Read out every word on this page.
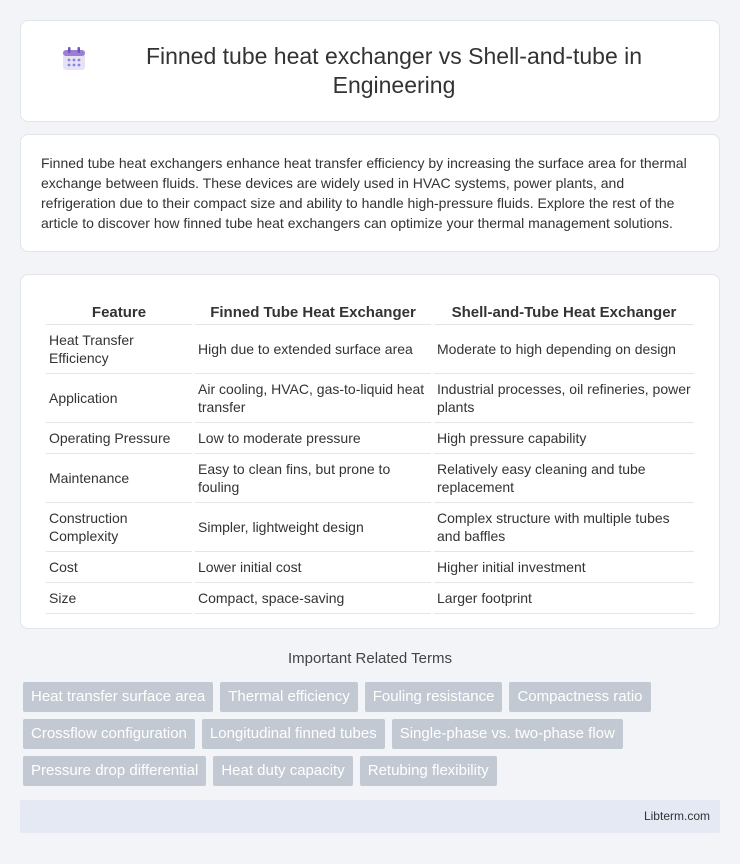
Finned tube heat exchanger vs Shell-and-tube in Engineering

Finned tube heat exchangers enhance heat transfer efficiency by increasing the surface area for thermal exchange between fluids. These devices are widely used in HVAC systems, power plants, and refrigeration due to their compact size and ability to handle high-pressure fluids. Explore the rest of the article to discover how finned tube heat exchangers can optimize your thermal management solutions.

Feature	Finned Tube Heat Exchanger	Shell-and-Tube Heat Exchanger
Heat Transfer Efficiency	High due to extended surface area	Moderate to high depending on design
Application	Air cooling, HVAC, gas-to-liquid heat transfer	Industrial processes, oil refineries, power plants
Operating Pressure	Low to moderate pressure	High pressure capability
Maintenance	Easy to clean fins, but prone to fouling	Relatively easy cleaning and tube replacement
Construction Complexity	Simpler, lightweight design	Complex structure with multiple tubes and baffles
Cost	Lower initial cost	Higher initial investment
Size	Compact, space-saving	Larger footprint
Important Related Terms
Heat transfer surface area	Thermal efficiency	Fouling resistance	Compactness ratio
Crossflow configuration	Longitudinal finned tubes	Single-phase vs. two-phase flow
Pressure drop differential	Heat duty capacity	Retubing flexibility
Libterm.com
